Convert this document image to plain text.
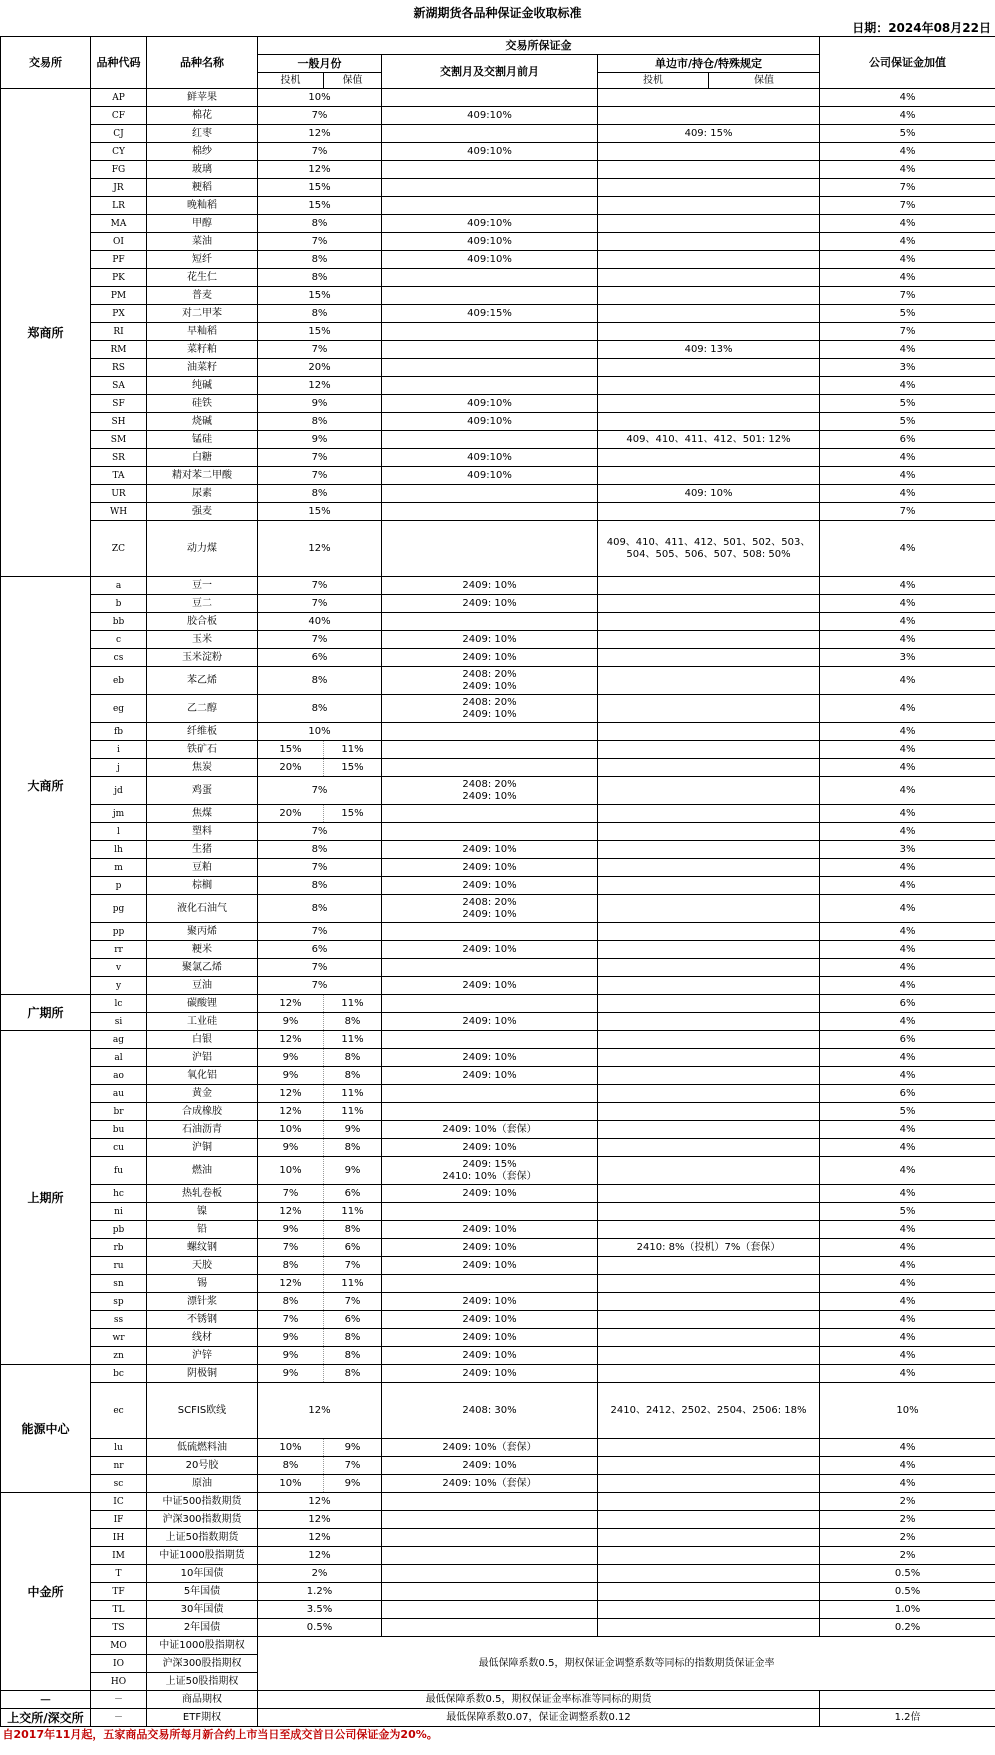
新湖期货各品种保证金收取标准
日期：2024年08月22日
交易所	品种代码	品种名称	交易所保证金					公司保证金加值	
			一般月份		交割月及交割月前月	单边市/持仓/特殊规定			
			投机	保值		投机	保值		
郑商所	AP	鲜苹果	10%					4%	
	CF	棉花	7%		409:10%			4%	
	CJ	红枣	12%			409: 15%		5%	
	CY	棉纱	7%		409:10%			4%	
	FG	玻璃	12%					4%	
	JR	粳稻	15%					7%	
	LR	晚籼稻	15%					7%	
	MA	甲醇	8%		409:10%			4%	
	OI	菜油	7%		409:10%			4%	
	PF	短纤	8%		409:10%			4%	
	PK	花生仁	8%					4%	
	PM	普麦	15%					7%	
	PX	对二甲苯	8%		409:15%			5%	
	RI	早籼稻	15%					7%	
	RM	菜籽粕	7%			409: 13%		4%	
	RS	油菜籽	20%					3%	
	SA	纯碱	12%					4%	
	SF	硅铁	9%		409:10%			5%	
	SH	烧碱	8%		409:10%			5%	
	SM	锰硅	9%			409、410、411、412、501: 12%		6%	
	SR	白糖	7%		409:10%			4%	
	TA	精对苯二甲酸	7%		409:10%			4%	
	UR	尿素	8%			409: 10%		4%	
	WH	强麦	15%					7%	
	ZC	动力煤	12%			409、410、411、412、501、502、503、504、505、506、507、508: 50%		4%	
大商所	a	豆一	7%		2409: 10%			4%	
	b	豆二	7%		2409: 10%			4%	
	bb	胶合板	40%					4%	
	c	玉米	7%		2409: 10%			4%	
	cs	玉米淀粉	6%		2409: 10%			3%	
	eb	苯乙烯	8%		2408: 20%
2409: 10%			4%	
	eg	乙二醇	8%		2408: 20%
2409: 10%			4%	
	fb	纤维板	10%					4%	
	i	铁矿石	15%	11%				4%	
	j	焦炭	20%	15%				4%	
	jd	鸡蛋	7%		2408: 20%
2409: 10%			4%	
	jm	焦煤	20%	15%				4%	
	l	塑料	7%					4%	
	lh	生猪	8%		2409: 10%			3%	
	m	豆粕	7%		2409: 10%			4%	
	p	棕榈	8%		2409: 10%			4%	
	pg	液化石油气	8%		2408: 20%
2409: 10%			4%	
	pp	聚丙烯	7%					4%	
	rr	粳米	6%		2409: 10%			4%	
	v	聚氯乙烯	7%					4%	
	y	豆油	7%		2409: 10%			4%	
广期所	lc	碳酸锂	12%	11%				6%	
	si	工业硅	9%	8%	2409: 10%			4%	
上期所	ag	白银	12%	11%				6%	
	al	沪铝	9%	8%	2409: 10%			4%	
	ao	氧化铝	9%	8%	2409: 10%			4%	
	au	黄金	12%	11%				6%	
	br	合成橡胶	12%	11%				5%	
	bu	石油沥青	10%	9%	2409: 10%（套保）			4%	
	cu	沪铜	9%	8%	2409: 10%			4%	
	fu	燃油	10%	9%	2409: 15%
2410: 10%（套保）			4%	
	hc	热轧卷板	7%	6%	2409: 10%			4%	
	ni	镍	12%	11%				5%	
	pb	铅	9%	8%	2409: 10%			4%	
	rb	螺纹钢	7%	6%	2409: 10%	2410: 8%（投机）7%（套保）		4%	
	ru	天胶	8%	7%	2409: 10%			4%	
	sn	锡	12%	11%				4%	
	sp	漂针浆	8%	7%	2409: 10%			4%	
	ss	不锈钢	7%	6%	2409: 10%			4%	
	wr	线材	9%	8%	2409: 10%			4%	
	zn	沪锌	9%	8%	2409: 10%			4%	
能源中心	bc	阴极铜	9%	8%	2409: 10%			4%	
	ec	SCFIS欧线	12%		2408: 30%	2410、2412、2502、2504、2506: 18%		10%	
	lu	低硫燃料油	10%	9%	2409: 10%（套保）			4%	
	nr	20号胶	8%	7%	2409: 10%			4%	
	sc	原油	10%	9%	2409: 10%（套保）			4%	
中金所	IC	中证500指数期货	12%					2%	
	IF	沪深300指数期货	12%					2%	
	IH	上证50指数期货	12%					2%	
	IM	中证1000股指期货	12%					2%	
	T	10年国债	2%					0.5%	
	TF	5年国债	1.2%					0.5%	
	TL	30年国债	3.5%					1.0%	
	TS	2年国债	0.5%					0.2%	
	MO	中证1000股指期权	最低保障系数0.5，期权保证金调整系数等同标的指数期货保证金率						
	IO	沪深300股指期权							
	HO	上证50股指期权							
－	－	商品期权	最低保障系数0.5，期权保证金率标准等同标的期货						
上交所/深交所	－	ETF期权	最低保障系数0.07，保证金调整系数0.12					1.2倍	
自2017年11月起，五家商品交易所每月新合约上市当日至成交首日公司保证金为20%。									
